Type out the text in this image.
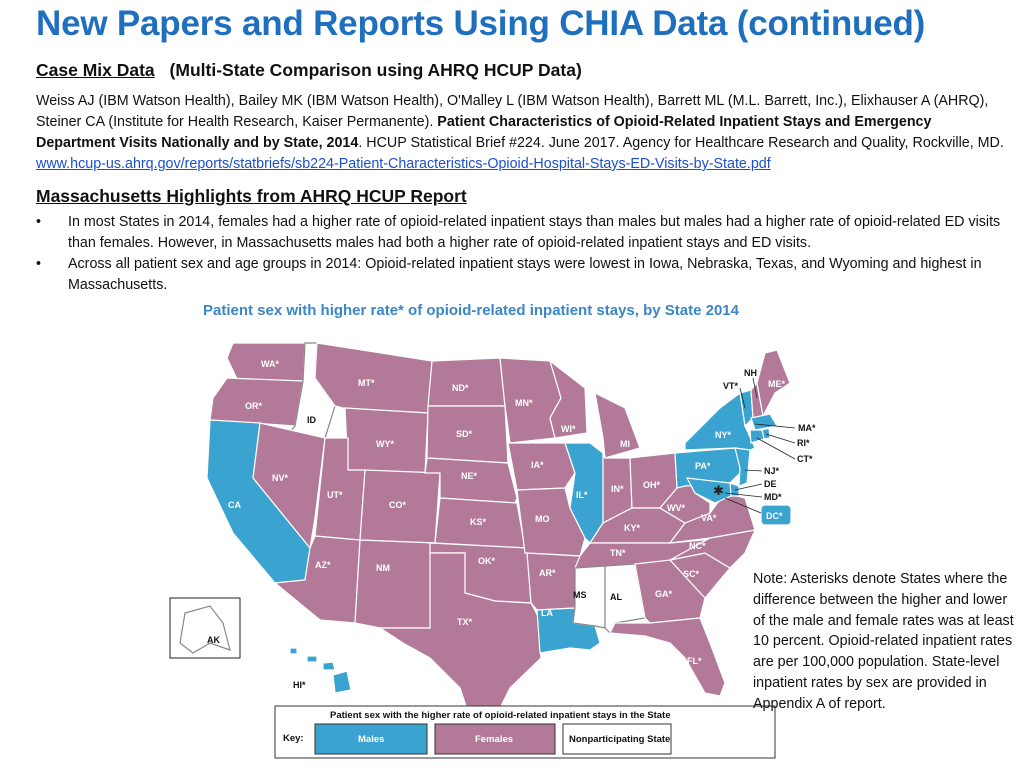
New Papers and Reports Using CHIA Data (continued)
Case Mix Data (Multi-State Comparison using AHRQ HCUP Data)
Weiss AJ (IBM Watson Health), Bailey MK (IBM Watson Health), O'Malley L (IBM Watson Health), Barrett ML (M.L. Barrett, Inc.), Elixhauser A (AHRQ), Steiner CA (Institute for Health Research, Kaiser Permanente). Patient Characteristics of Opioid-Related Inpatient Stays and Emergency Department Visits Nationally and by State, 2014. HCUP Statistical Brief #224. June 2017. Agency for Healthcare Research and Quality, Rockville, MD. www.hcup-us.ahrq.gov/reports/statbriefs/sb224-Patient-Characteristics-Opioid-Hospital-Stays-ED-Visits-by-State.pdf
Massachusetts Highlights from AHRQ HCUP Report
• In most States in 2014, females had a higher rate of opioid-related inpatient stays than males but males had a higher rate of opioid-related ED visits than females. However, in Massachusetts males had both a higher rate of opioid-related inpatient stays and ED visits.
• Across all patient sex and age groups in 2014: Opioid-related inpatient stays were lowest in Iowa, Nebraska, Texas, and Wyoming and highest in Massachusetts.
Patient sex with higher rate* of opioid-related inpatient stays, by State 2014
WA*
OR*
CA
ID
NV*
MT*
WY*
UT*
AZ*
CO*
NM
ND*
SD*
NE*
KS*
OK*
TX*
MN*
IA*
MO
AR*
LA
WI*
IL*
MI
IN* OH*
KY*
TN*
MS	AL	GA*
FL*
SC*
NC*
VA*
WV*
PA*
NY*
VT*
NH
ME*
MA*
RI*
CT*
NJ*
DE
MD*
DC*
AK
HI*
✱
Patient sex with the higher rate of opioid-related inpatient stays in the State
Key:	Males	Females	Nonparticipating State
Note: Asterisks denote States where the difference between the higher and lower of the male and female rates was at least 10 percent. Opioid-related inpatient rates are per 100,000 population. State-level inpatient rates by sex are provided in Appendix A of report.
